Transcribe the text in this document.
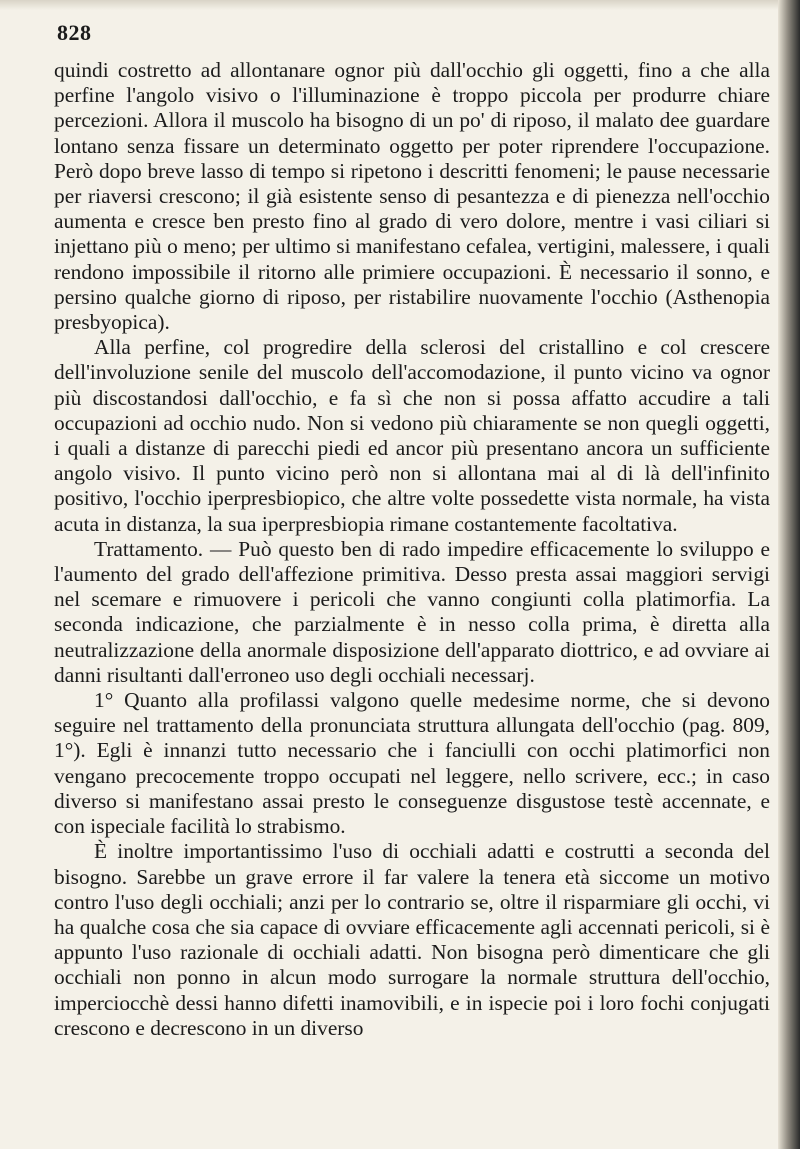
828

quindi costretto ad allontanare ognor più dall'occhio gli oggetti, fino a che alla perfine l'angolo visivo o l'illuminazione è troppo piccola per produrre chiare percezioni. Allora il muscolo ha bisogno di un po' di riposo, il malato dee guardare lontano senza fissare un determinato oggetto per poter riprendere l'occupazione. Però dopo breve lasso di tempo si ripetono i descritti fenomeni; le pause necessarie per riaversi crescono; il già esistente senso di pesantezza e di pienezza nell'occhio aumenta e cresce ben presto fino al grado di vero dolore, mentre i vasi ciliari si injettano più o meno; per ultimo si manifestano cefalea, vertigini, malessere, i quali rendono impossibile il ritorno alle primiere occupazioni. È necessario il sonno, e persino qualche giorno di riposo, per ristabilire nuovamente l'occhio (Asthenopia presbyopica).

Alla perfine, col progredire della sclerosi del cristallino e col crescere dell'involuzione senile del muscolo dell'accomodazione, il punto vicino va ognor più discostandosi dall'occhio, e fa sì che non si possa affatto accudire a tali occupazioni ad occhio nudo. Non si vedono più chiaramente se non quegli oggetti, i quali a distanze di parecchi piedi ed ancor più presentano ancora un sufficiente angolo visivo. Il punto vicino però non si allontana mai al di là dell'infinito positivo, l'occhio iperpresbiopico, che altre volte possedette vista normale, ha vista acuta in distanza, la sua iperpresbiopia rimane costantemente facoltativa.

Trattamento. — Può questo ben di rado impedire efficacemente lo sviluppo e l'aumento del grado dell'affezione primitiva. Desso presta assai maggiori servigi nel scemare e rimuovere i pericoli che vanno congiunti colla platimorfia. La seconda indicazione, che parzialmente è in nesso colla prima, è diretta alla neutralizzazione della anormale disposizione dell'apparato diottrico, e ad ovviare ai danni risultanti dall'erroneo uso degli occhiali necessarj.

1° Quanto alla profilassi valgono quelle medesime norme, che si devono seguire nel trattamento della pronunciata struttura allungata dell'occhio (pag. 809, 1°). Egli è innanzi tutto necessario che i fanciulli con occhi platimorfici non vengano precocemente troppo occupati nel leggere, nello scrivere, ecc.; in caso diverso si manifestano assai presto le conseguenze disgustose testè accennate, e con ispeciale facilità lo strabismo.

È inoltre importantissimo l'uso di occhiali adatti e costrutti a seconda del bisogno. Sarebbe un grave errore il far valere la tenera età siccome un motivo contro l'uso degli occhiali; anzi per lo contrario se, oltre il risparmiare gli occhi, vi ha qualche cosa che sia capace di ovviare efficacemente agli accennati pericoli, si è appunto l'uso razionale di occhiali adatti. Non bisogna però dimenticare che gli occhiali non ponno in alcun modo surrogare la normale struttura dell'occhio, imperciocchè dessi hanno difetti inamovibili, e in ispecie poi i loro fochi conjugati crescono e decrescono in un diverso
